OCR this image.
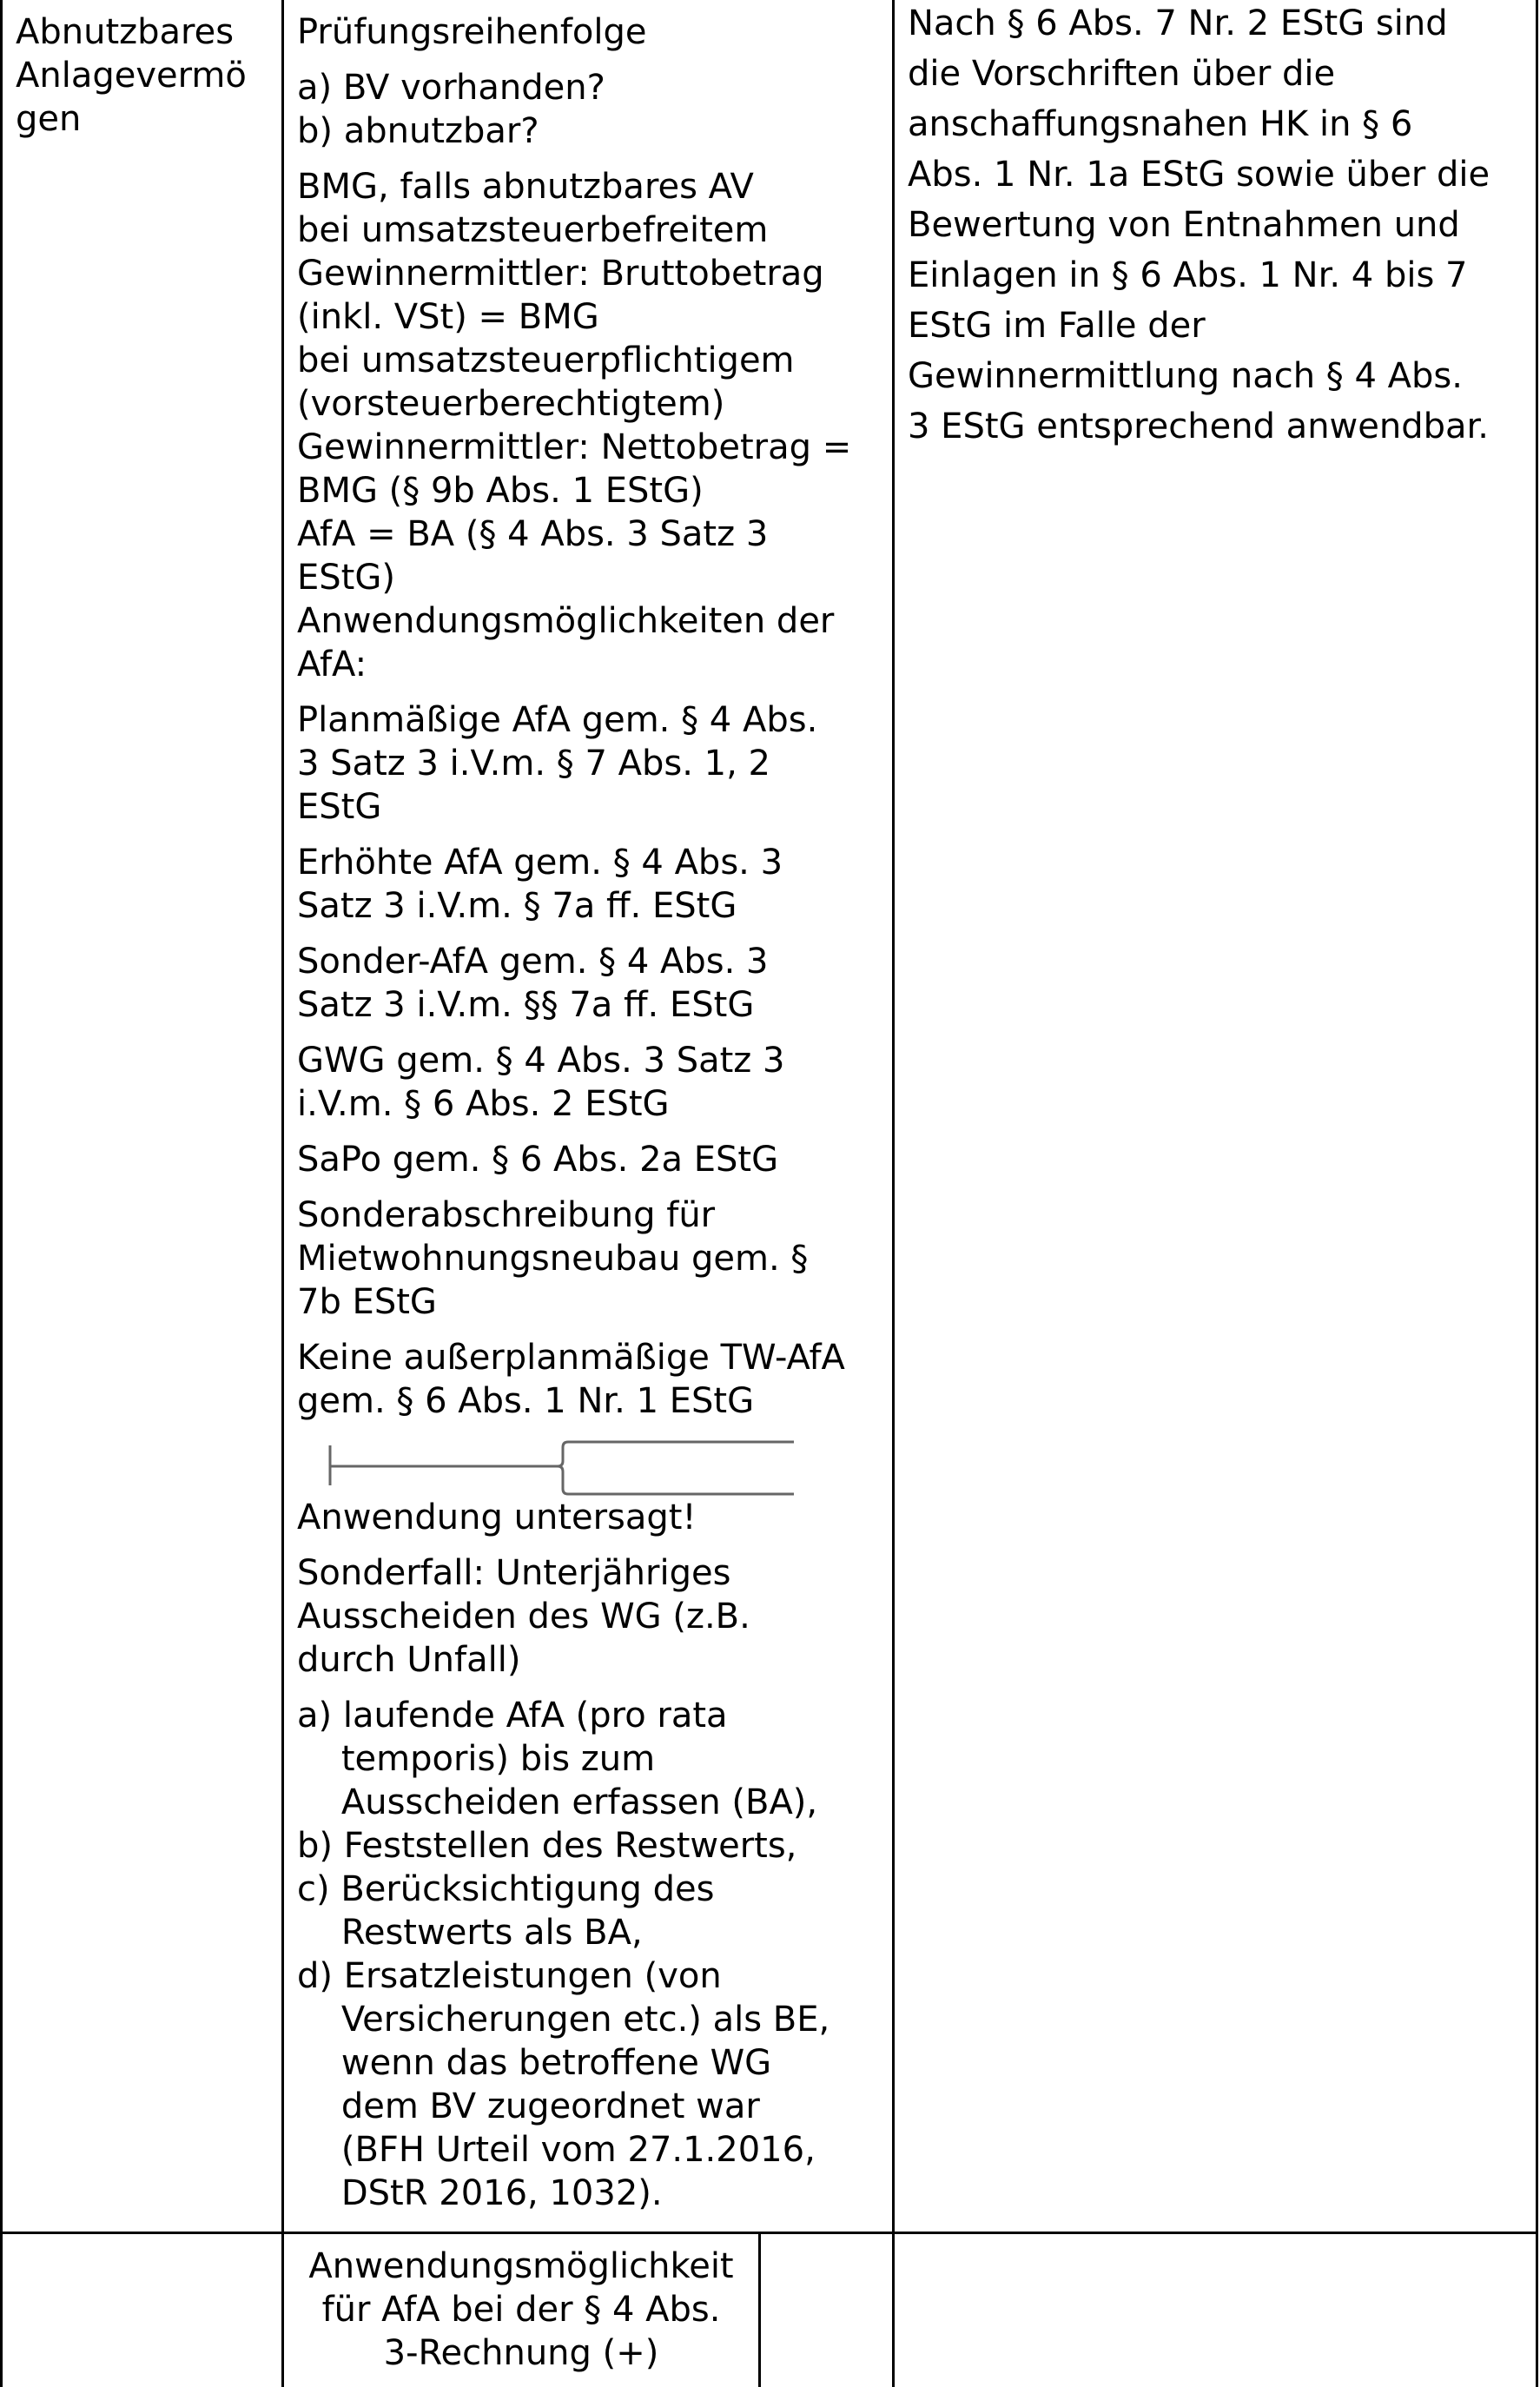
Abnutzbares
Anlagevermö
gen
Prüfungsreihenfolge
a) BV vorhanden?
b) abnutzbar?
BMG, falls abnutzbares AV
bei umsatzsteuerbefreitem
Gewinnermittler: Bruttobetrag
(inkl. VSt) = BMG
bei umsatzsteuerpflichtigem
(vorsteuerberechtigtem)
Gewinnermittler: Nettobetrag =
BMG (§ 9b Abs. 1 EStG)
AfA = BA (§ 4 Abs. 3 Satz 3
EStG)
Anwendungsmöglichkeiten der
AfA:
Planmäßige AfA gem. § 4 Abs.
3 Satz 3 i.V.m. § 7 Abs. 1, 2
EStG
Erhöhte AfA gem. § 4 Abs. 3
Satz 3 i.V.m. § 7a ff. EStG
Sonder-AfA gem. § 4 Abs. 3
Satz 3 i.V.m. §§ 7a ff. EStG
GWG gem. § 4 Abs. 3 Satz 3
i.V.m. § 6 Abs. 2 EStG
SaPo gem. § 6 Abs. 2a EStG
Sonderabschreibung für
Mietwohnungsneubau gem. §
7b EStG
Keine außerplanmäßige TW-AfA
gem. § 6 Abs. 1 Nr. 1 EStG
Anwendung untersagt!
Sonderfall: Unterjähriges
Ausscheiden des WG (z.B.
durch Unfall)
a) laufende AfA (pro rata
temporis) bis zum
Ausscheiden erfassen (BA),
b) Feststellen des Restwerts,
c) Berücksichtigung des
Restwerts als BA,
d) Ersatzleistungen (von
Versicherungen etc.) als BE,
wenn das betroffene WG
dem BV zugeordnet war
(BFH Urteil vom 27.1.2016,
DStR 2016, 1032).
Nach § 6 Abs. 7 Nr. 2 EStG sind
die Vorschriften über die
anschaffungsnahen HK in § 6
Abs. 1 Nr. 1a EStG sowie über die
Bewertung von Entnahmen und
Einlagen in § 6 Abs. 1 Nr. 4 bis 7
EStG im Falle der
Gewinnermittlung nach § 4 Abs.
3 EStG entsprechend anwendbar.
Anwendungsmöglichkeit
für AfA bei der § 4 Abs.
3-Rechnung (+)
